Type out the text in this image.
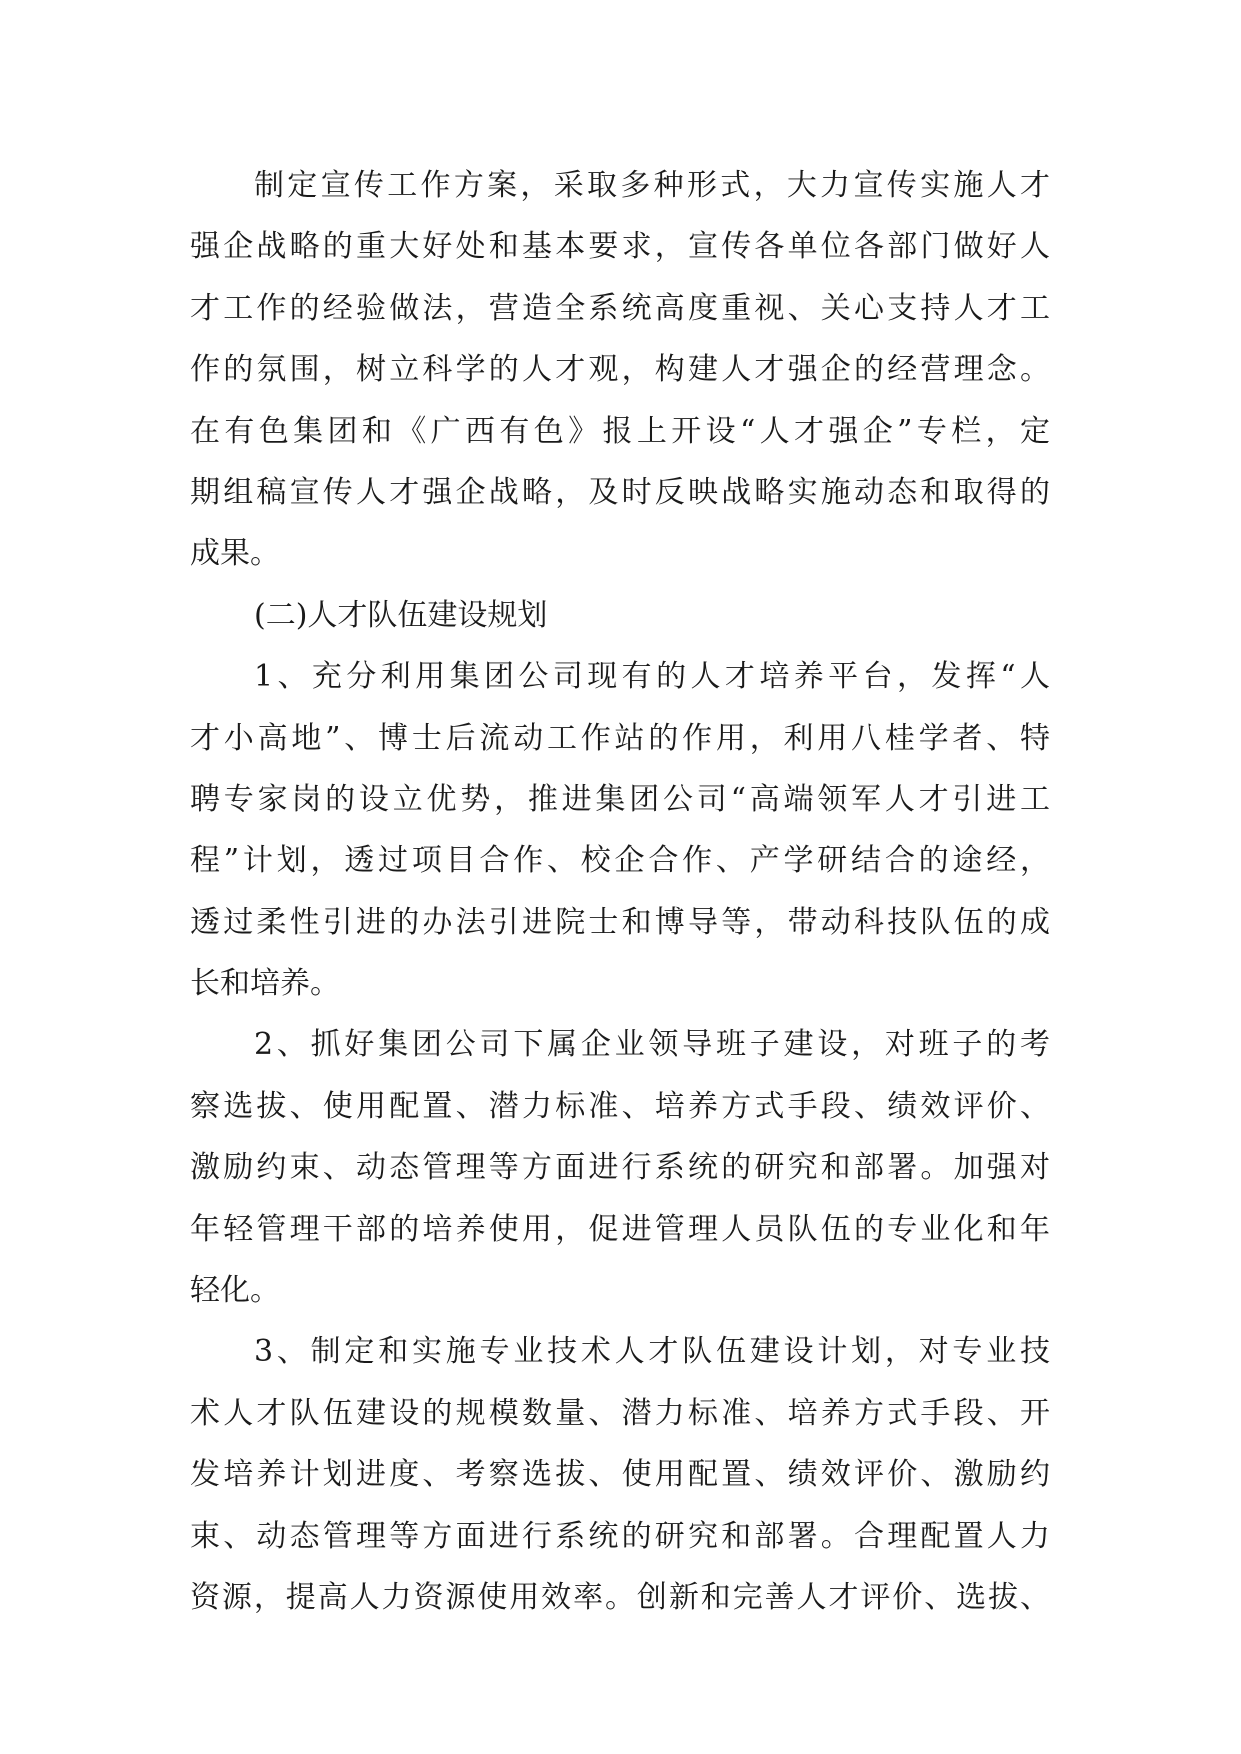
制定宣传工作方案，采取多种形式，大力宣传实施人才
强企战略的重大好处和基本要求，宣传各单位各部门做好人
才工作的经验做法，营造全系统高度重视、关心支持人才工
作的氛围，树立科学的人才观，构建人才强企的经营理念。
在有色集团和《广西有色》报上开设“人才强企”专栏，定
期组稿宣传人才强企战略，及时反映战略实施动态和取得的
成果。
(二)人才队伍建设规划
1、充分利用集团公司现有的人才培养平台，发挥“人
才小高地”、博士后流动工作站的作用，利用八桂学者、特
聘专家岗的设立优势，推进集团公司“高端领军人才引进工
程”计划，透过项目合作、校企合作、产学研结合的途经，
透过柔性引进的办法引进院士和博导等，带动科技队伍的成
长和培养。
2、抓好集团公司下属企业领导班子建设，对班子的考
察选拔、使用配置、潜力标准、培养方式手段、绩效评价、
激励约束、动态管理等方面进行系统的研究和部署。加强对
年轻管理干部的培养使用，促进管理人员队伍的专业化和年
轻化。
3、制定和实施专业技术人才队伍建设计划，对专业技
术人才队伍建设的规模数量、潜力标准、培养方式手段、开
发培养计划进度、考察选拔、使用配置、绩效评价、激励约
束、动态管理等方面进行系统的研究和部署。合理配置人力
资源，提高人力资源使用效率。创新和完善人才评价、选拔、
